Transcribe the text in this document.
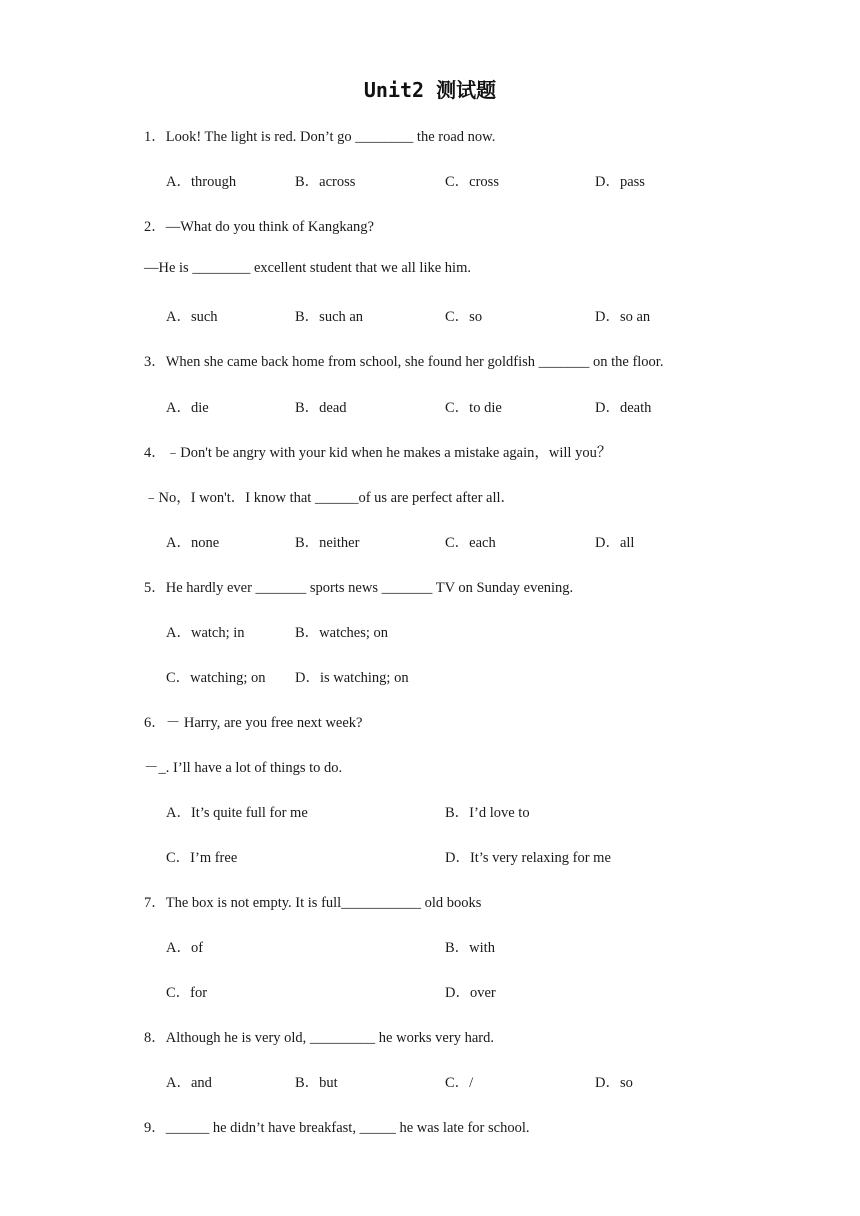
Unit2 测试题
1．Look! The light is red. Don’t go ________ the road now.
A．through	B．across	C．cross	D．pass
2．—What do you think of Kangkang?
—He is ________ excellent student that we all like him.
A．such	B．such an	C．so	D．so an
3．When she came back home from school, she found her goldfish _______ on the floor.
A．die	B．dead	C．to die	D．death
4．﹣Don't be angry with your kid when he makes a mistake again，will you？
﹣No，I won't．I know that ______of us are perfect after all．
A．none	B．neither	C．each	D．all
5．He hardly ever _______ sports news _______ TV on Sunday evening.
A．watch; in	B．watches; on
C．watching; on D．is watching; on
6．－ Harry, are you free next week?
－_. I’ll have a lot of things to do.
A．It’s quite full for me	B．I’d love to
C．I’m free	D．It’s very relaxing for me
7．The box is not empty. It is full___________ old books
A．of	B．with
C．for	D．over
8．Although he is very old, _________ he works very hard.
A．and	B．but	C．/	D．so
9．______ he didn’t have breakfast, _____ he was late for school.
